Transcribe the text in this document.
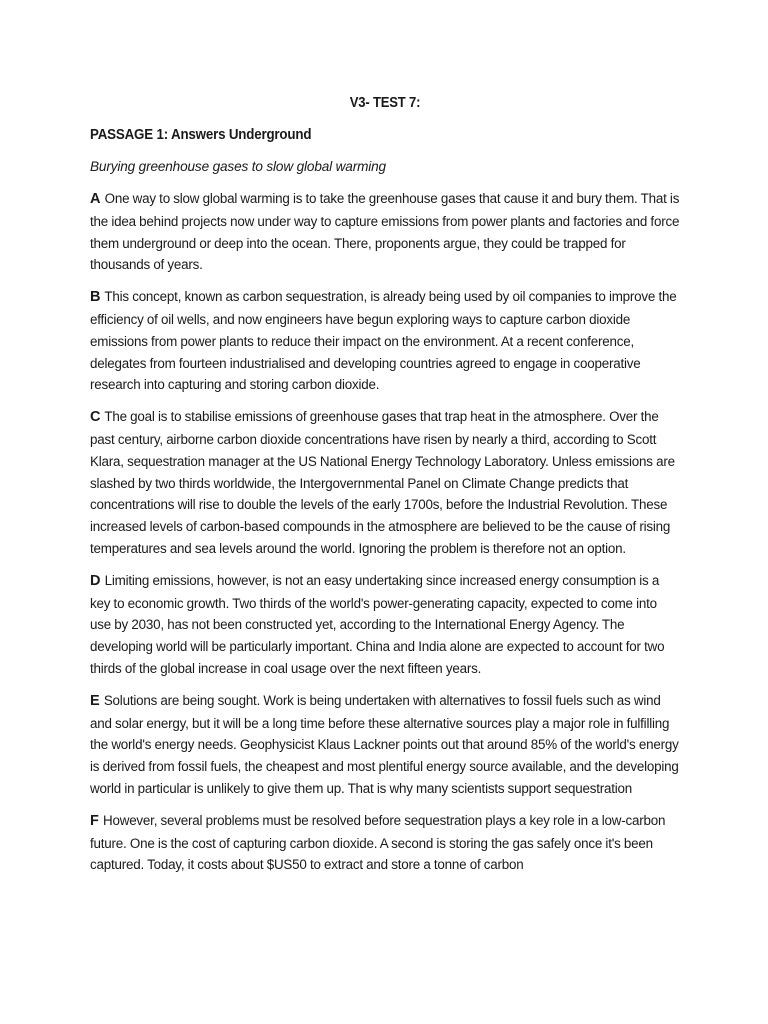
V3- TEST 7:
PASSAGE 1: Answers Underground
Burying greenhouse gases to slow global warming

A One way to slow global warming is to take the greenhouse gases that cause it and bury them. That is the idea behind projects now under way to capture emissions from power plants and factories and force them underground or deep into the ocean. There, proponents argue, they could be trapped for thousands of years.

B This concept, known as carbon sequestration, is already being used by oil companies to improve the efficiency of oil wells, and now engineers have begun exploring ways to capture carbon dioxide emissions from power plants to reduce their impact on the environment. At a recent conference, delegates from fourteen industrialised and developing countries agreed to engage in cooperative research into capturing and storing carbon dioxide.

C The goal is to stabilise emissions of greenhouse gases that trap heat in the atmosphere. Over the past century, airborne carbon dioxide concentrations have risen by nearly a third, according to Scott Klara, sequestration manager at the US National Energy Technology Laboratory. Unless emissions are slashed by two thirds worldwide, the Intergovernmental Panel on Climate Change predicts that concentrations will rise to double the levels of the early 1700s, before the Industrial Revolution. These increased levels of carbon-based compounds in the atmosphere are believed to be the cause of rising temperatures and sea levels around the world. Ignoring the problem is therefore not an option.

D Limiting emissions, however, is not an easy undertaking since increased energy consumption is a key to economic growth. Two thirds of the world's power-generating capacity, expected to come into use by 2030, has not been constructed yet, according to the International Energy Agency. The developing world will be particularly important. China and India alone are expected to account for two thirds of the global increase in coal usage over the next fifteen years.

E Solutions are being sought. Work is being undertaken with alternatives to fossil fuels such as wind and solar energy, but it will be a long time before these alternative sources play a major role in fulfilling the world's energy needs. Geophysicist Klaus Lackner points out that around 85% of the world's energy is derived from fossil fuels, the cheapest and most plentiful energy source available, and the developing world in particular is unlikely to give them up. That is why many scientists support sequestration

F However, several problems must be resolved before sequestration plays a key role in a low-carbon future. One is the cost of capturing carbon dioxide. A second is storing the gas safely once it's been captured. Today, it costs about $US50 to extract and store a tonne of carbon
